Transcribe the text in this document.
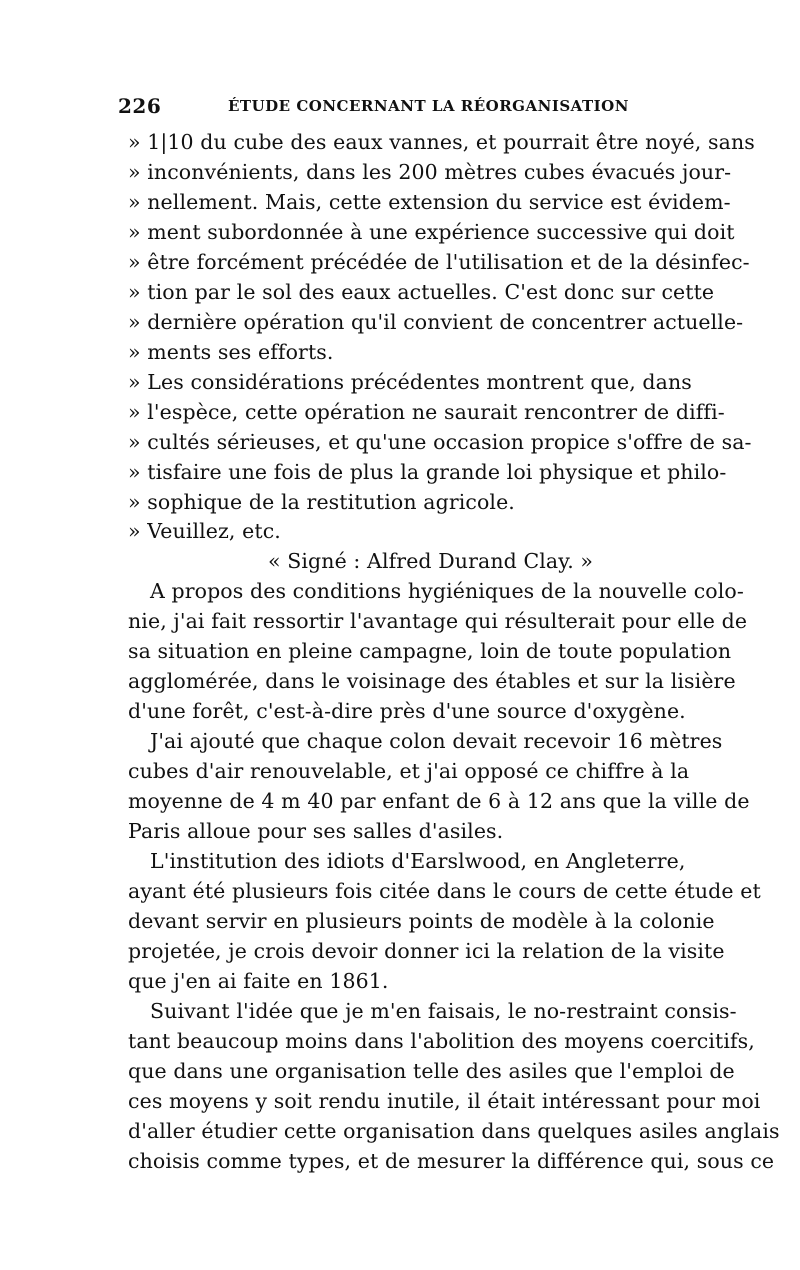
226	ÉTUDE CONCERNANT LA RÉORGANISATION
» 1|10 du cube des eaux vannes, et pourrait être noyé, sans
» inconvénients, dans les 200 mètres cubes évacués jour-
» nellement. Mais, cette extension du service est évidem-
» ment subordonnée à une expérience successive qui doit
» être forcément précédée de l'utilisation et de la désinfec-
» tion par le sol des eaux actuelles. C'est donc sur cette
» dernière opération qu'il convient de concentrer actuelle-
» ments ses efforts.
» Les considérations précédentes montrent que, dans
» l'espèce, cette opération ne saurait rencontrer de diffi-
» cultés sérieuses, et qu'une occasion propice s'offre de sa-
» tisfaire une fois de plus la grande loi physique et philo-
» sophique de la restitution agricole.
» Veuillez, etc.
« Signé : Alfred Durand Clay. »
A propos des conditions hygiéniques de la nouvelle colo-
nie, j'ai fait ressortir l'avantage qui résulterait pour elle de
sa situation en pleine campagne, loin de toute population
agglomérée, dans le voisinage des étables et sur la lisière
d'une forêt, c'est-à-dire près d'une source d'oxygène.
J'ai ajouté que chaque colon devait recevoir 16 mètres
cubes d'air renouvelable, et j'ai opposé ce chiffre à la
moyenne de 4 m 40 par enfant de 6 à 12 ans que la ville de
Paris alloue pour ses salles d'asiles.
L'institution des idiots d'Earslwood, en Angleterre,
ayant été plusieurs fois citée dans le cours de cette étude et
devant servir en plusieurs points de modèle à la colonie
projetée, je crois devoir donner ici la relation de la visite
que j'en ai faite en 1861.
Suivant l'idée que je m'en faisais, le no-restraint consis-
tant beaucoup moins dans l'abolition des moyens coercitifs,
que dans une organisation telle des asiles que l'emploi de
ces moyens y soit rendu inutile, il était intéressant pour moi
d'aller étudier cette organisation dans quelques asiles anglais
choisis comme types, et de mesurer la différence qui, sous ce
